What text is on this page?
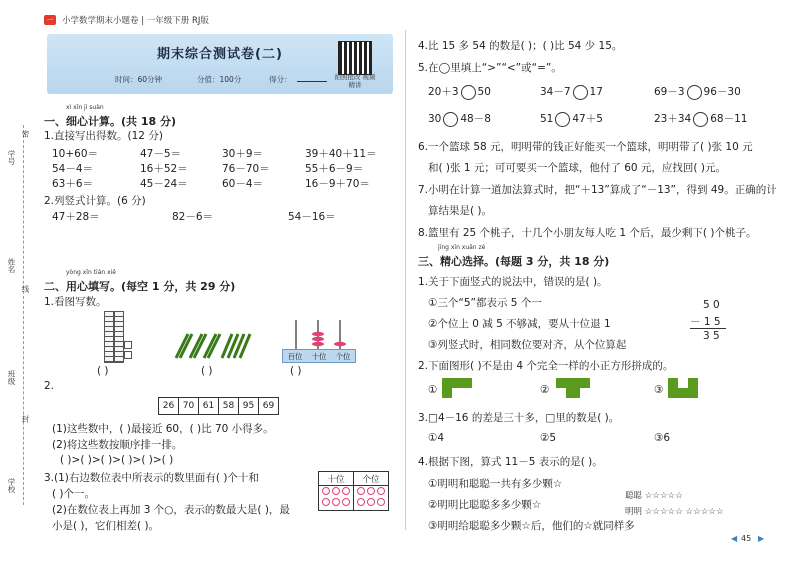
一上
小学数学期末小题卷 | 一年级下册 RJ版
期末综合测试卷(二)
时间：60分钟	分值：100分	得分：	拍照批改 视频精讲
学号
姓名
线
班级
封
学校
密
xì xīn jì suàn
一、细心计算。(共 18 分)
1.直接写出得数。(12 分)
10+60＝	47－5＝	30＋9＝	39＋40＋11＝
54－4＝	16＋52＝	76－70＝	55＋6－9＝
63＋6＝	45－24＝	60－4＝	16－9＋70＝
2.列竖式计算。(6 分)
47＋28＝	82－6＝	54－16＝
yòng xīn tián xiě
二、用心填写。(每空 1 分，共 29 分)
1.看图写数。
( )	( )
百位 十位 个位
( )
2.
26	70	61	58	95	69
(1)这些数中，( )最接近 60，( )比 70 小得多。
(2)将这些数按顺序排一排。
( )>( )>( )>( )>( )>( )
3.(1)右边数位表中所表示的数里面有( )个十和
( )个一。
(2)在数位表上再加 3 个○，表示的数最大是( )，最
小是( )，它们相差( )。
十位	个位

4.比 15 多 54 的数是( )；( )比 54 少 15。
5.在◯里填上“>”“<”或“=”。
20＋3 50	34－7 17	69－3 96－30
30 48－8	51 47＋5	23＋34 68－11
6.一个篮球 58 元，明明带的钱正好能买一个篮球，明明带了( )张 10 元
和( )张 1 元；可可要买一个篮球，他付了 60 元，应找回( )元。
7.小明在计算一道加法算式时，把“＋13”算成了“－13”，得到 49。正确的计
算结果是( )。
8.篮里有 25 个桃子，十几个小朋友每人吃 1 个后，最少剩下( )个桃子。
jīng xīn xuǎn zé
三、精心选择。(每题 3 分，共 18 分)
1.关于下面竖式的说法中，错误的是( )。
①三个“5”都表示 5 个一
②个位上 0 减 5 不够减，要从十位退 1
③列竖式时，相同数位要对齐，从个位算起
5 0
－ 1 5
3 5
2.下面图形( )不是由 4 个完全一样的小正方形拼成的。
①	②	③
3.□4－16 的差是三十多，□里的数是( )。
①4	②5	③6
4.根据下图，算式 11－5 表示的是( )。
①明明和聪聪一共有多少颗☆
②明明比聪聪多多少颗☆
③明明给聪聪多少颗☆后，他们的☆就同样多
聪聪 ☆☆☆☆☆
明明 ☆☆☆☆☆ ☆☆☆☆☆
◀ 45 ▶
